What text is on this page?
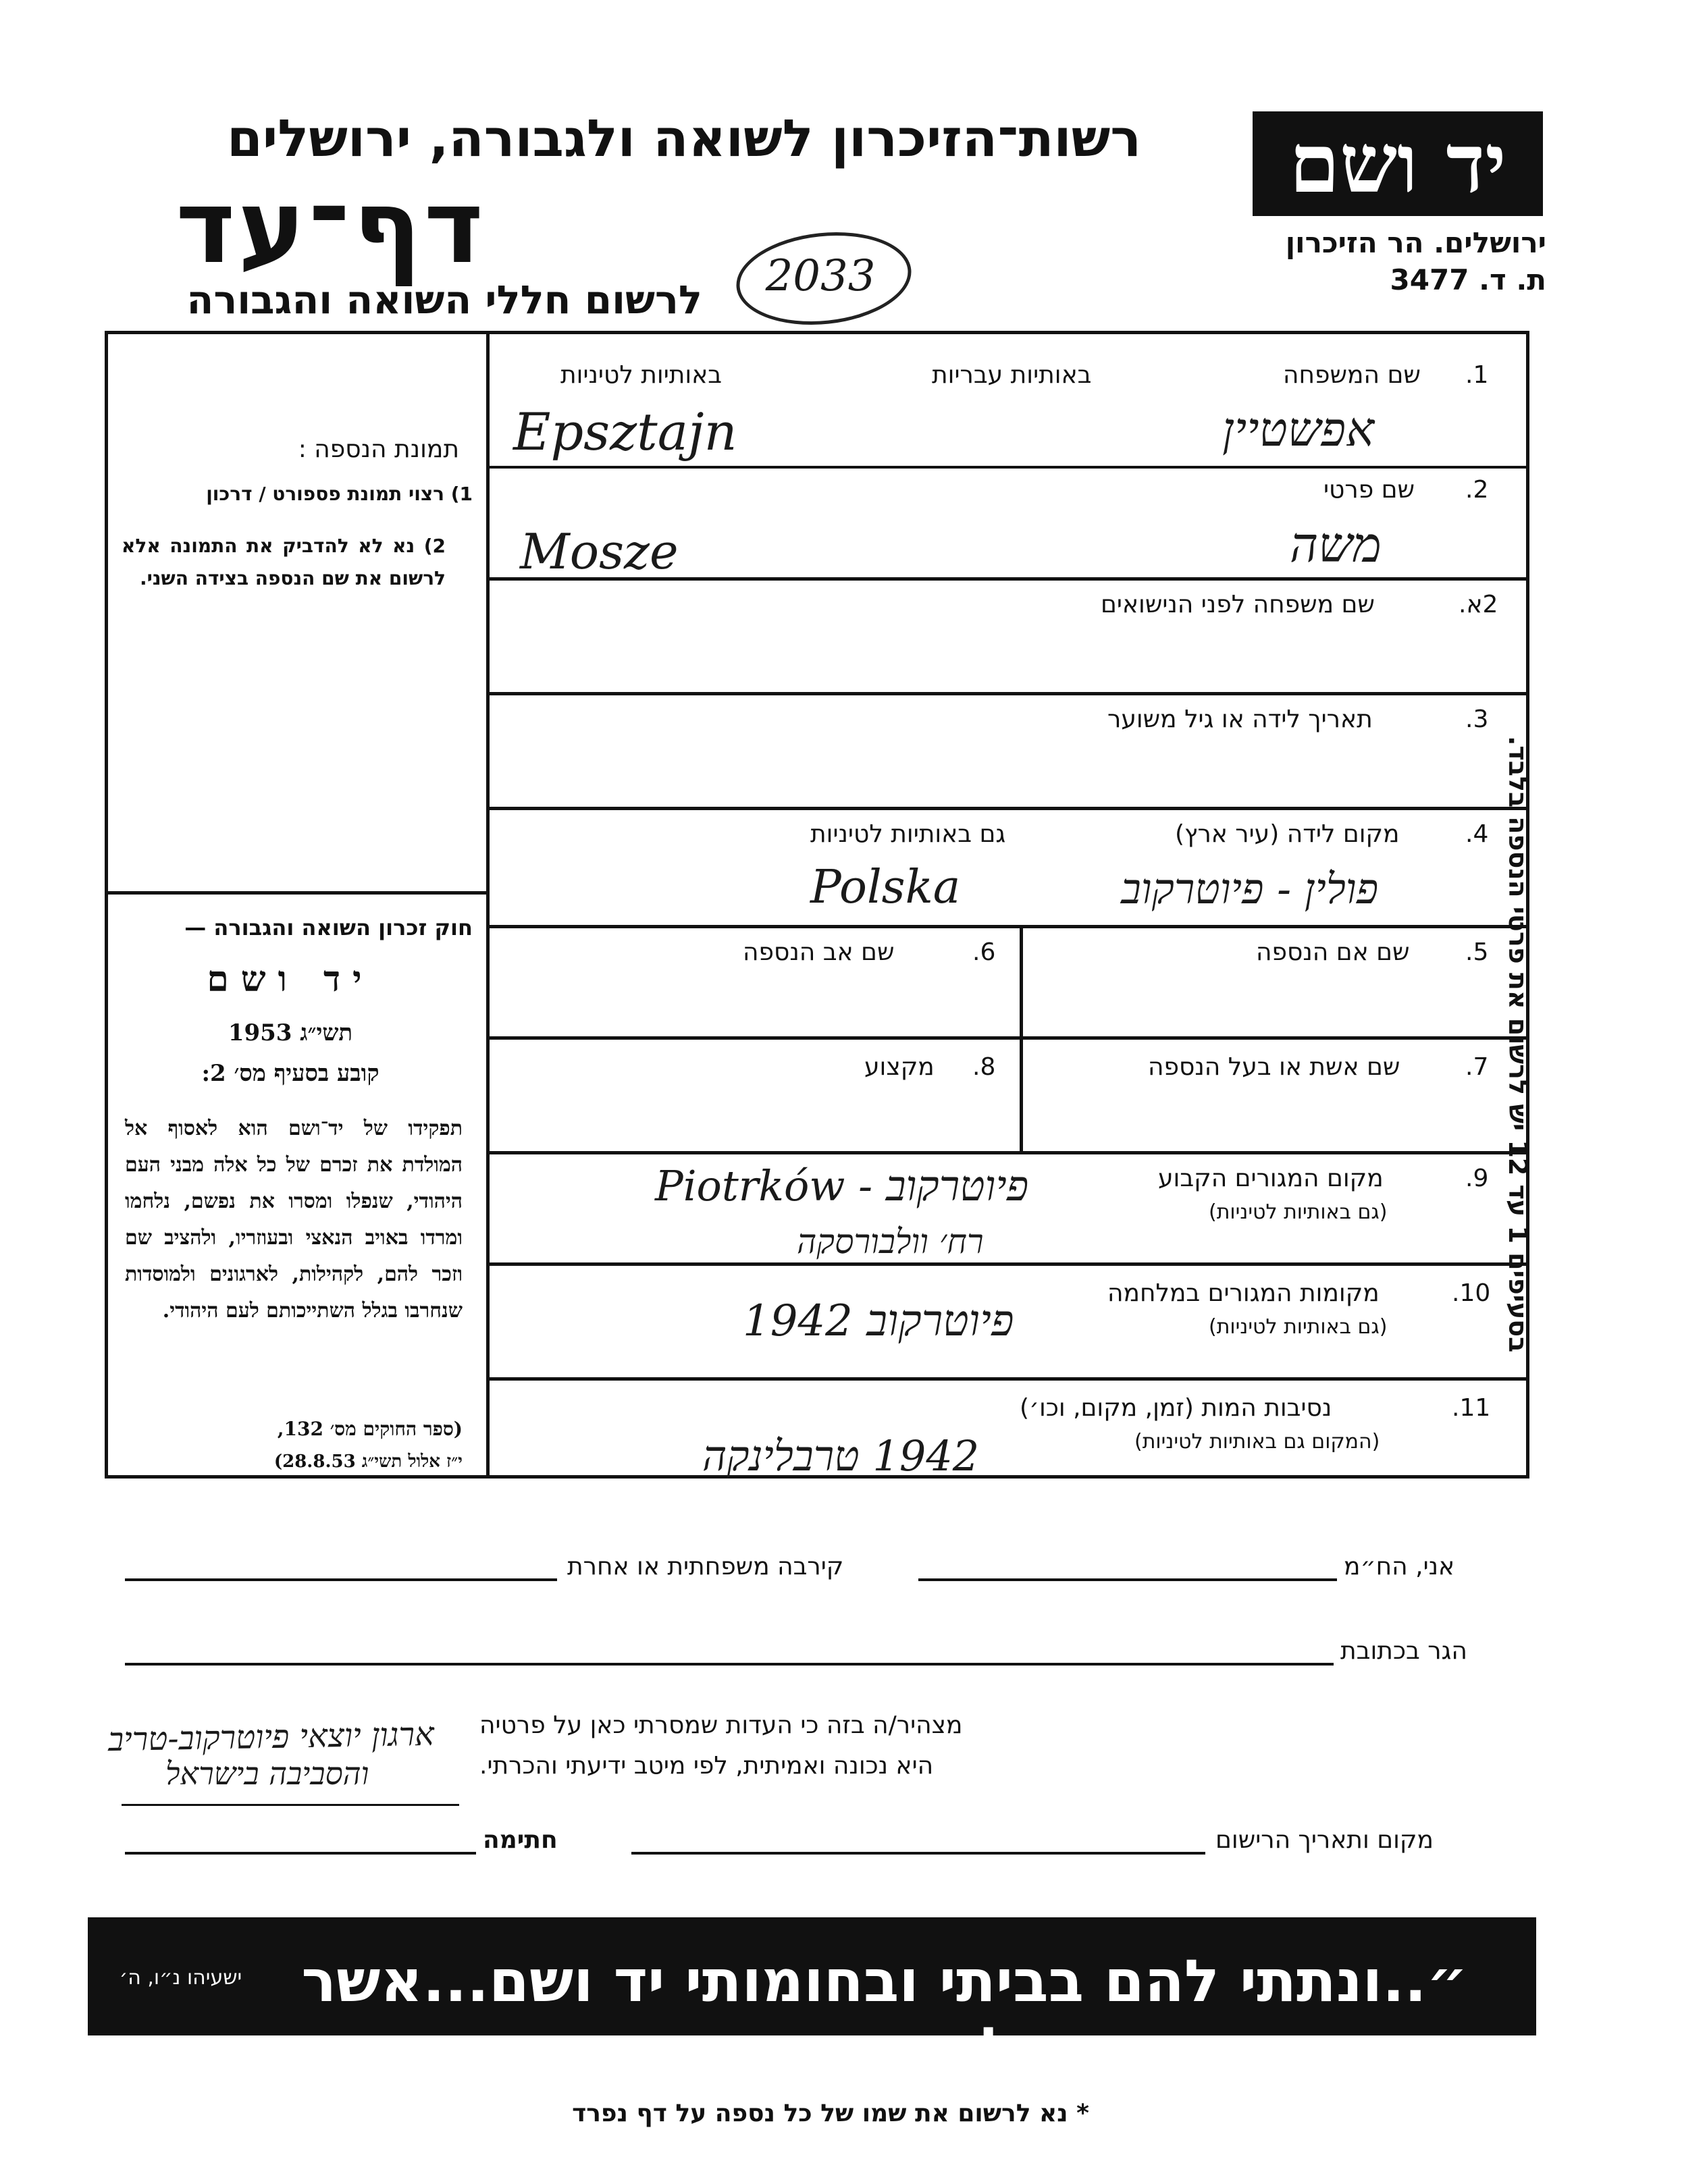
יד ושם
ירושלים. הר הזיכרון
ת. ד. 3477
רשות־הזיכרון לשואה ולגבורה, ירושלים
דף־עד
לרשום חללי השואה והגבורה	2033
תמונת הנספה :
1) רצוי תמונת פספורט / דרכון
2) נא לא להדביק את התמונה אלא לרשום את שם הנספה בצידה השני.
חוק זכרון השואה והגבורה —
יד ושם
תשי״ג 1953
קובע בסעיף מס׳ 2:
תפקידו של יד־ושם הוא לאסוף אל המולדת את זכרם של כל אלה מבני העם היהודי, שנפלו ומסרו את נפשם, נלחמו ומרדו באויב הנאצי ובעוזריו, ולהציב שם וזכר להם, לקהילות, לארגונים ולמוסדות שנחרבו בגלל השתייכותם לעם היהודי.
(ספר החוקים מס׳ 132,
י״ז אלול תשי״ג 28.8.53)
1.
שם המשפחה
באותיות עבריות
באותיות לטיניות
אפשטיין
Epsztajn
2.
שם פרטי
משה
Mosze
2א.
שם משפחה לפני הנישואים
3.
תאריך לידה או גיל משוער
4.
מקום לידה (עיר ארץ)
גם באותיות לטיניות
פולין - פיוטרקוב
Polska
5.
שם אם הנספה
6.
שם אב הנספה
7.
שם אשת או בעל הנספה
8.
מקצוע
9.
מקום המגורים הקבוע
(גם באותיות לטיניות)
פיוטרקוב - Piotrków
רח׳ וולבורסקה
10.
מקומות המגורים במלחמה
(גם באותיות לטיניות)
פיוטרקוב 1942
11.
נסיבות המות (זמן, מקום, וכו׳)
(המקום גם באותיות לטיניות)
1942 טרבלינקה
בסעיפים 1 עד 12 יש לרשום את פרטי הנספה בלבד.
אני, הח״מ
קירבה משפחתית או אחרת
הגר בכתובת
מצהיר/ה בזה כי העדות שמסרתי כאן על פרטיה
היא נכונה ואמיתית, לפי מיטב ידיעתי והכרתי.
ארגון יוצאי פיוטרקוב-טריב
והסביבה בישראל
מקום ותאריך הרישום
חתימה
״..ונתתי להם בביתי ובחומותי יד ושם...אשר לא יכרת״
ישעיהו נ״ו, ה׳
* נא לרשום את שמו של כל נספה על דף נפרד
